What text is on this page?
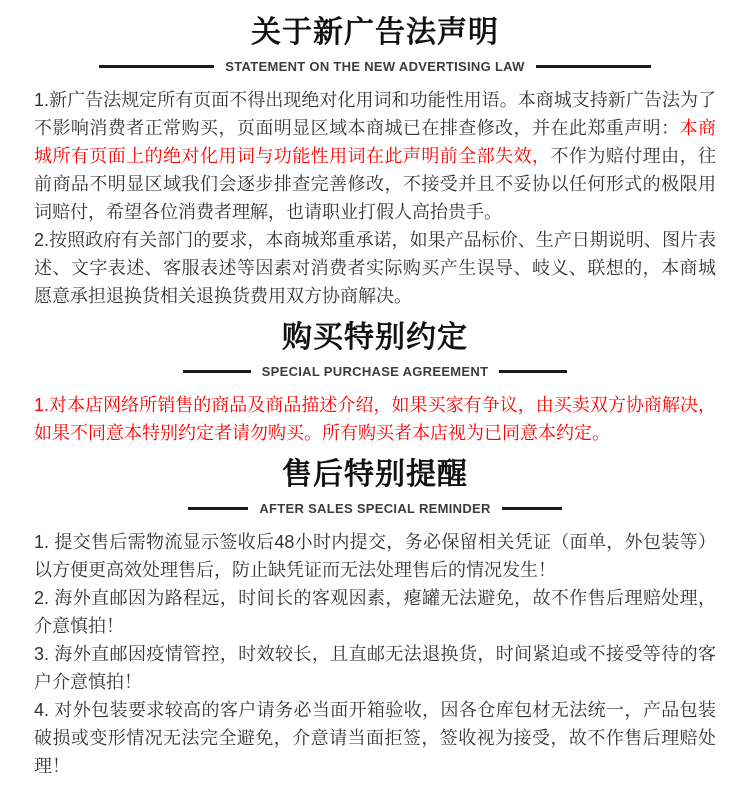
关于新广告法声明
STATEMENT ON THE NEW ADVERTISING LAW

1.新广告法规定所有页面不得出现绝对化用词和功能性用语。本商城支持新广告法为了不影响消费者正常购买，页面明显区域本商城已在排查修改，并在此郑重声明：本商城所有页面上的绝对化用词与功能性用词在此声明前全部失效，不作为赔付理由，往前商品不明显区域我们会逐步排查完善修改，不接受并且不妥协以任何形式的极限用词赔付，希望各位消费者理解，也请职业打假人高抬贵手。

2.按照政府有关部门的要求，本商城郑重承诺，如果产品标价、生产日期说明、图片表述、文字表述、客服表述等因素对消费者实际购买产生误导、岐义、联想的，本商城愿意承担退换货相关退换货费用双方协商解决。

购买特别约定
SPECIAL PURCHASE AGREEMENT

1.对本店网络所销售的商品及商品描述介绍，如果买家有争议，由买卖双方协商解决，如果不同意本特别约定者请勿购买。所有购买者本店视为已同意本约定。

售后特别提醒
AFTER SALES SPECIAL REMINDER

1. 提交售后需物流显示签收后48小时内提交，务必保留相关凭证（面单，外包装等）以方便更高效处理售后，防止缺凭证而无法处理售后的情况发生！

2. 海外直邮因为路程远，时间长的客观因素，瘪罐无法避免，故不作售后理赔处理，介意慎拍！

3. 海外直邮因疫情管控，时效较长，且直邮无法退换货，时间紧迫或不接受等待的客户介意慎拍！

4. 对外包装要求较高的客户请务必当面开箱验收，因各仓库包材无法统一，产品包装破损或变形情况无法完全避免，介意请当面拒签，签收视为接受，故不作售后理赔处理！
